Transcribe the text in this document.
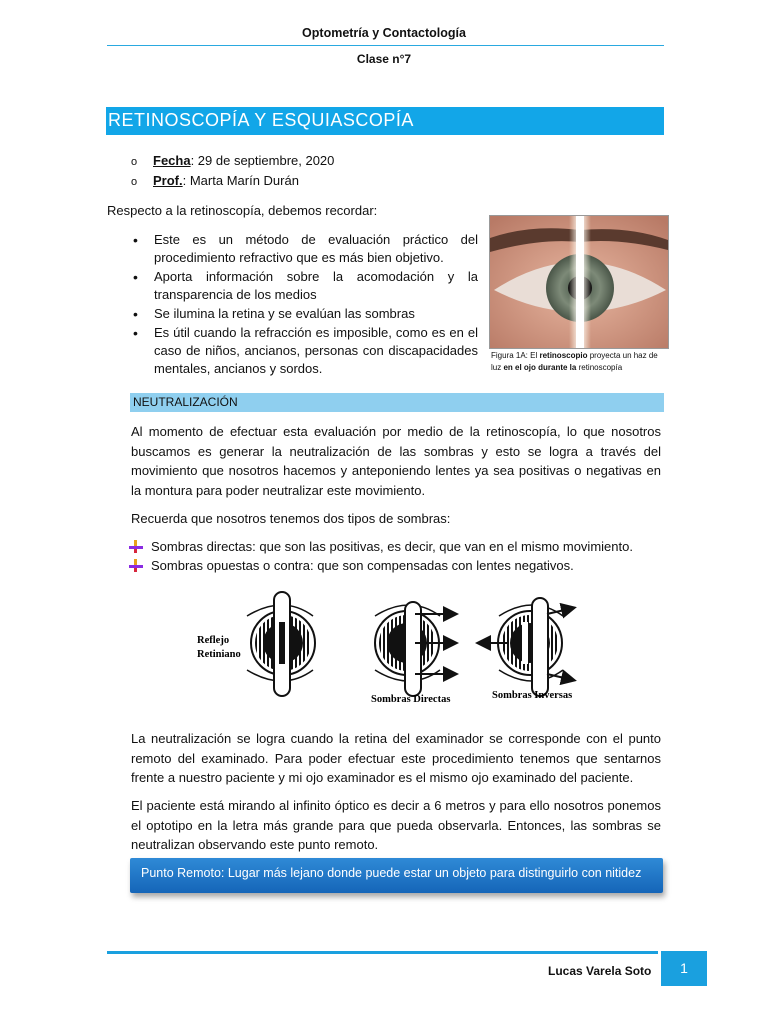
Optometría y Contactología
Clase n°7
RETINOSCOPÍA Y ESQUIASCOPÍA
o Fecha: 29 de septiembre, 2020
o Prof.: Marta Marín Durán
Respecto a la retinoscopía, debemos recordar:
• Este es un método de evaluación práctico del procedimiento refractivo que es más bien objetivo.
• Aporta información sobre la acomodación y la transparencia de los medios
• Se ilumina la retina y se evalúan las sombras
• Es útil cuando la refracción es imposible, como es en el caso de niños, ancianos, personas con discapacidades mentales, ancianos y sordos.
Figura 1A: El retinoscopio proyecta un haz de luz en el ojo durante la retinoscopía
NEUTRALIZACIÓN
Al momento de efectuar esta evaluación por medio de la retinoscopía, lo que nosotros buscamos es generar la neutralización de las sombras y esto se logra a través del movimiento que nosotros hacemos y anteponiendo lentes ya sea positivas o negativas en la montura para poder neutralizar este movimiento.
Recuerda que nosotros tenemos dos tipos de sombras:
Sombras directas: que son las positivas, es decir, que van en el mismo movimiento.
Sombras opuestas o contra: que son compensadas con lentes negativos.
Reflejo
Retiniano
Sombras Directas	Sombras Inversas
La neutralización se logra cuando la retina del examinador se corresponde con el punto remoto del examinado. Para poder efectuar este procedimiento tenemos que sentarnos frente a nuestro paciente y mi ojo examinador es el mismo ojo examinado del paciente.
El paciente está mirando al infinito óptico es decir a 6 metros y para ello nosotros ponemos el optotipo en la letra más grande para que pueda observarla. Entonces, las sombras se neutralizan observando este punto remoto.
Punto Remoto: Lugar más lejano donde puede estar un objeto para distinguirlo con nitidez
Lucas Varela Soto	1
